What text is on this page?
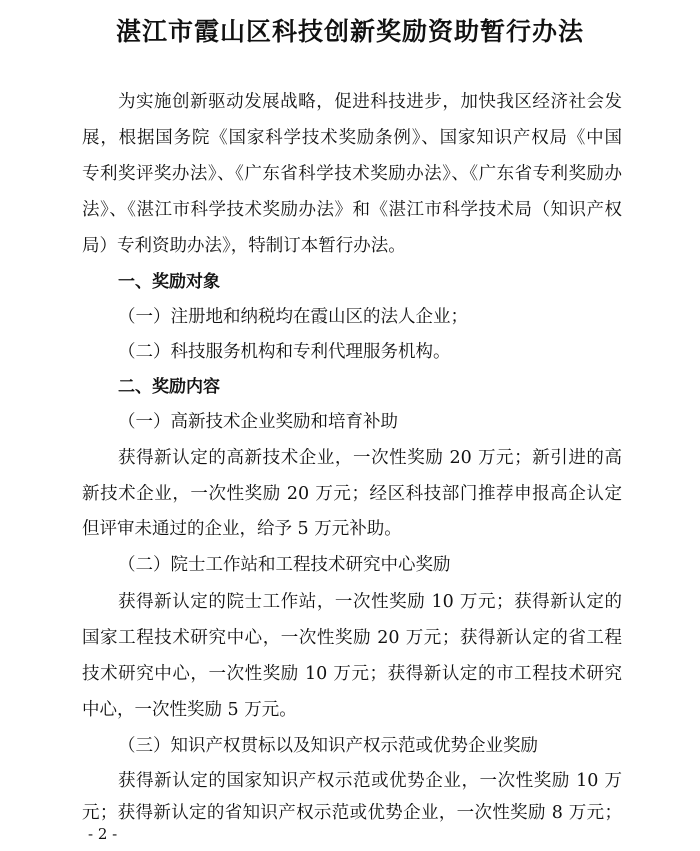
湛江市霞山区科技创新奖励资助暂行办法

为实施创新驱动发展战略，促进科技进步，加快我区经济社会发

展，根据国务院《国家科学技术奖励条例》、国家知识产权局《中国

专利奖评奖办法》、《广东省科学技术奖励办法》、《广东省专利奖励办

法》、《湛江市科学技术奖励办法》和《湛江市科学技术局（知识产权

局）专利资助办法》，特制订本暂行办法。

一、奖励对象

（一）注册地和纳税均在霞山区的法人企业；

（二）科技服务机构和专利代理服务机构。

二、奖励内容

（一）高新技术企业奖励和培育补助

获得新认定的高新技术企业，一次性奖励 20 万元；新引进的高

新技术企业，一次性奖励 20 万元；经区科技部门推荐申报高企认定

但评审未通过的企业，给予 5 万元补助。

（二）院士工作站和工程技术研究中心奖励

获得新认定的院士工作站，一次性奖励 10 万元；获得新认定的

国家工程技术研究中心，一次性奖励 20 万元；获得新认定的省工程

技术研究中心，一次性奖励 10 万元；获得新认定的市工程技术研究

中心，一次性奖励 5 万元。

（三）知识产权贯标以及知识产权示范或优势企业奖励

获得新认定的国家知识产权示范或优势企业，一次性奖励 10 万

元；获得新认定的省知识产权示范或优势企业，一次性奖励 8 万元；

- 2 -
